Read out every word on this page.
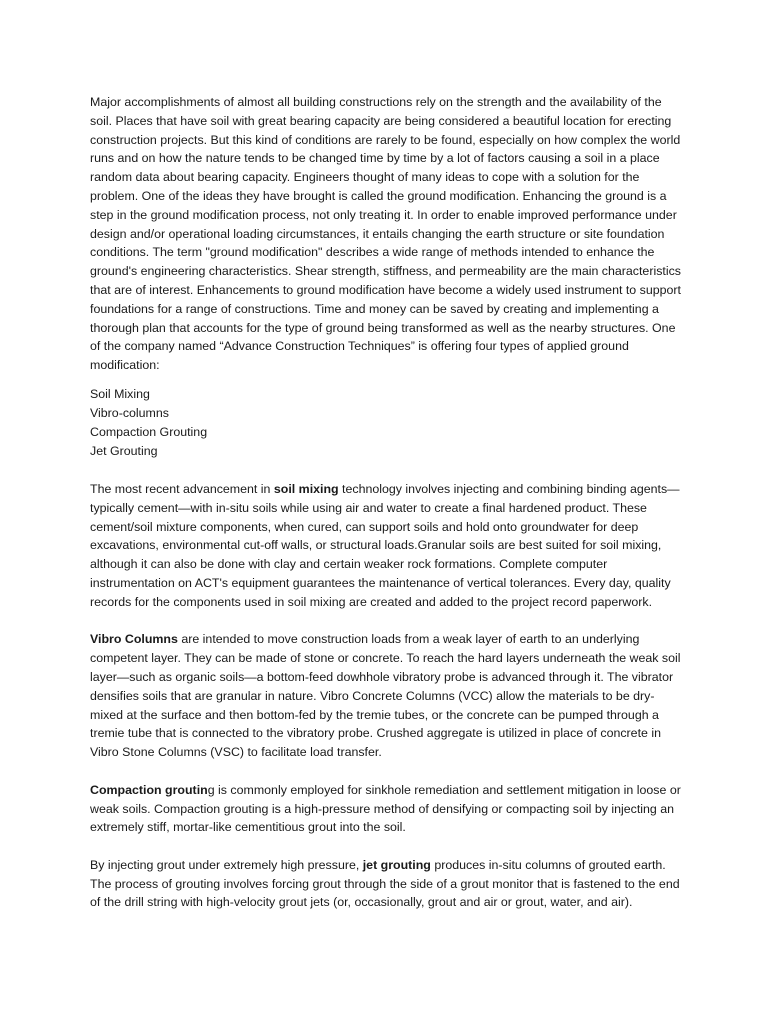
Major accomplishments of almost all building constructions rely on the strength and the availability of the soil. Places that have soil with great bearing capacity are being considered a beautiful location for erecting construction projects. But this kind of conditions are rarely to be found, especially on how complex the world runs and on how the nature tends to be changed time by time by a lot of factors causing a soil in a place random data about bearing capacity. Engineers thought of many ideas to cope with a solution for the problem. One of the ideas they have brought is called the ground modification. Enhancing the ground is a step in the ground modification process, not only treating it. In order to enable improved performance under design and/or operational loading circumstances, it entails changing the earth structure or site foundation conditions. The term "ground modification" describes a wide range of methods intended to enhance the ground's engineering characteristics. Shear strength, stiffness, and permeability are the main characteristics that are of interest. Enhancements to ground modification have become a widely used instrument to support foundations for a range of constructions. Time and money can be saved by creating and implementing a thorough plan that accounts for the type of ground being transformed as well as the nearby structures. One of the company named “Advance Construction Techniques” is offering four types of applied ground modification:

Soil Mixing
Vibro-columns
Compaction Grouting
Jet Grouting

The most recent advancement in soil mixing technology involves injecting and combining binding agents—typically cement—with in-situ soils while using air and water to create a final hardened product. These cement/soil mixture components, when cured, can support soils and hold onto groundwater for deep excavations, environmental cut-off walls, or structural loads.Granular soils are best suited for soil mixing, although it can also be done with clay and certain weaker rock formations. Complete computer instrumentation on ACT's equipment guarantees the maintenance of vertical tolerances. Every day, quality records for the components used in soil mixing are created and added to the project record paperwork.

Vibro Columns are intended to move construction loads from a weak layer of earth to an underlying competent layer. They can be made of stone or concrete. To reach the hard layers underneath the weak soil layer—such as organic soils—a bottom-feed dowhhole vibratory probe is advanced through it. The vibrator densifies soils that are granular in nature. Vibro Concrete Columns (VCC) allow the materials to be dry-mixed at the surface and then bottom-fed by the tremie tubes, or the concrete can be pumped through a tremie tube that is connected to the vibratory probe. Crushed aggregate is utilized in place of concrete in Vibro Stone Columns (VSC) to facilitate load transfer.

Compaction grouting is commonly employed for sinkhole remediation and settlement mitigation in loose or weak soils. Compaction grouting is a high-pressure method of densifying or compacting soil by injecting an extremely stiff, mortar-like cementitious grout into the soil.

By injecting grout under extremely high pressure, jet grouting produces in-situ columns of grouted earth. The process of grouting involves forcing grout through the side of a grout monitor that is fastened to the end of the drill string with high-velocity grout jets (or, occasionally, grout and air or grout, water, and air).
